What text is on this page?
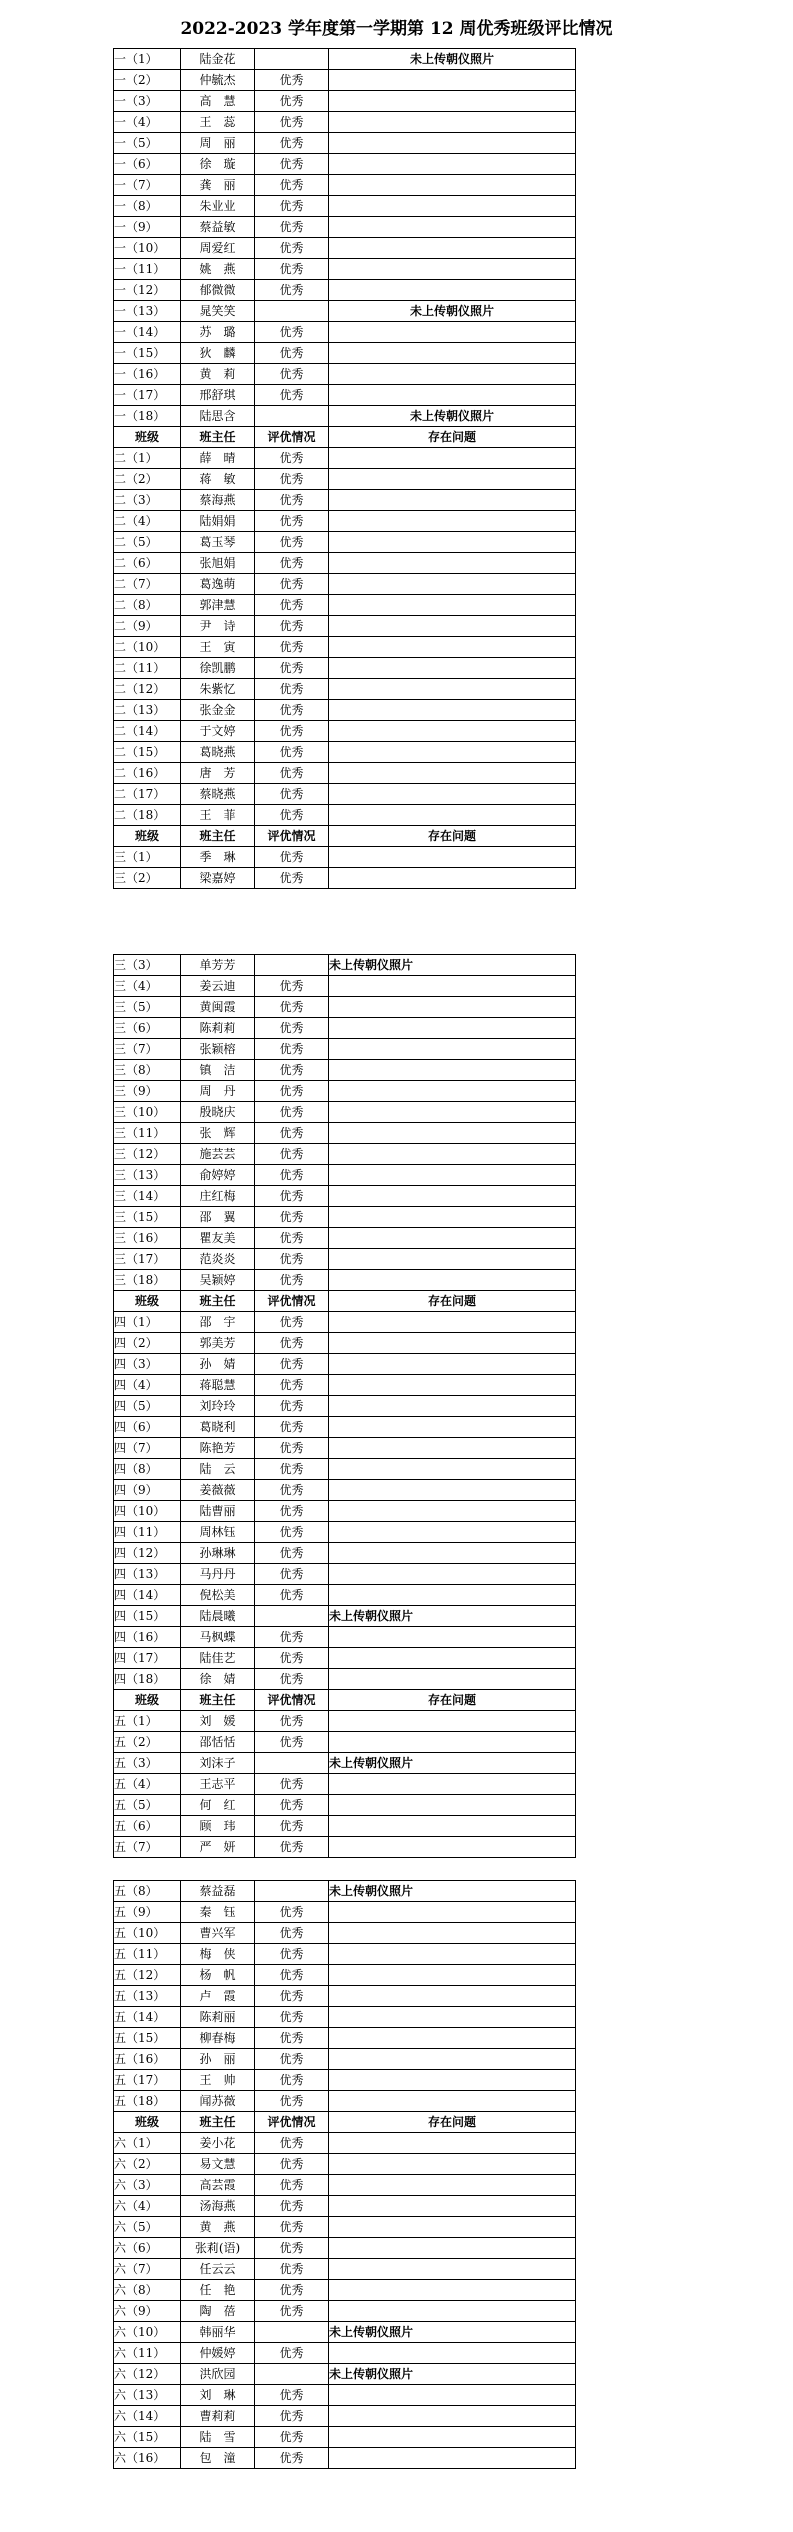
2022-2023 学年度第一学期第 12 周优秀班级评比情况
一（1）	陆金花		未上传朝仪照片
一（2）	仲毓杰	优秀	
一（3）	高　慧	优秀	
一（4）	王　蕊	优秀	
一（5）	周　丽	优秀	
一（6）	徐　璇	优秀	
一（7）	龚　丽	优秀	
一（8）	朱业业	优秀	
一（9）	蔡益敏	优秀	
一（10）	周爱红	优秀	
一（11）	姚　燕	优秀	
一（12）	郁微微	优秀	
一（13）	晁笑笑		未上传朝仪照片
一（14）	苏　璐	优秀	
一（15）	狄　麟	优秀	
一（16）	黄　莉	优秀	
一（17）	邢舒琪	优秀	
一（18）	陆思含		未上传朝仪照片
班级	班主任	评优情况	存在问题
二（1）	薛　晴	优秀	
二（2）	蒋　敏	优秀	
二（3）	蔡海燕	优秀	
二（4）	陆娟娟	优秀	
二（5）	葛玉琴	优秀	
二（6）	张旭娟	优秀	
二（7）	葛逸萌	优秀	
二（8）	郭津慧	优秀	
二（9）	尹　诗	优秀	
二（10）	王　寅	优秀	
二（11）	徐凯鹏	优秀	
二（12）	朱紫忆	优秀	
二（13）	张金金	优秀	
二（14）	于文婷	优秀	
二（15）	葛晓燕	优秀	
二（16）	唐　芳	优秀	
二（17）	蔡晓燕	优秀	
二（18）	王　菲	优秀	
班级	班主任	评优情况	存在问题
三（1）	季　琳	优秀	
三（2）	梁嘉婷	优秀	
三（3）	单芳芳		未上传朝仪照片
三（4）	姜云迪	优秀	
三（5）	黄闽霞	优秀	
三（6）	陈莉莉	优秀	
三（7）	张颖榕	优秀	
三（8）	镇　洁	优秀	
三（9）	周　丹	优秀	
三（10）	殷晓庆	优秀	
三（11）	张　辉	优秀	
三（12）	施芸芸	优秀	
三（13）	俞婷婷	优秀	
三（14）	庄红梅	优秀	
三（15）	邵　翼	优秀	
三（16）	瞿友美	优秀	
三（17）	范炎炎	优秀	
三（18）	吴颖婷	优秀	
班级	班主任	评优情况	存在问题
四（1）	邵　宇	优秀	
四（2）	郭美芳	优秀	
四（3）	孙　婧	优秀	
四（4）	蒋聪慧	优秀	
四（5）	刘玲玲	优秀	
四（6）	葛晓利	优秀	
四（7）	陈艳芳	优秀	
四（8）	陆　云	优秀	
四（9）	姜薇薇	优秀	
四（10）	陆曹丽	优秀	
四（11）	周林钰	优秀	
四（12）	孙琳琳	优秀	
四（13）	马丹丹	优秀	
四（14）	倪松美	优秀	
四（15）	陆晨曦		未上传朝仪照片
四（16）	马枫蝶	优秀	
四（17）	陆佳艺	优秀	
四（18）	徐　婧	优秀	
班级	班主任	评优情况	存在问题
五（1）	刘　媛	优秀	
五（2）	邵恬恬	优秀	
五（3）	刘沫子		未上传朝仪照片
五（4）	王志平	优秀	
五（5）	何　红	优秀	
五（6）	顾　玮	优秀	
五（7）	严　妍	优秀	
五（8）	蔡益磊		未上传朝仪照片
五（9）	秦　钰	优秀	
五（10）	曹兴军	优秀	
五（11）	梅　侠	优秀	
五（12）	杨　帆	优秀	
五（13）	卢　霞	优秀	
五（14）	陈莉丽	优秀	
五（15）	柳春梅	优秀	
五（16）	孙　丽	优秀	
五（17）	王　帅	优秀	
五（18）	闻苏薇	优秀	
班级	班主任	评优情况	存在问题
六（1）	姜小花	优秀	
六（2）	易文慧	优秀	
六（3）	高芸霞	优秀	
六（4）	汤海燕	优秀	
六（5）	黄　燕	优秀	
六（6）	张莉(语)	优秀	
六（7）	任云云	优秀	
六（8）	任　艳	优秀	
六（9）	陶　蓓	优秀	
六（10）	韩丽华		未上传朝仪照片
六（11）	仲媛婷	优秀	
六（12）	洪欣园		未上传朝仪照片
六（13）	刘　琳	优秀	
六（14）	曹莉莉	优秀	
六（15）	陆　雪	优秀	
六（16）	包　潼	优秀	
